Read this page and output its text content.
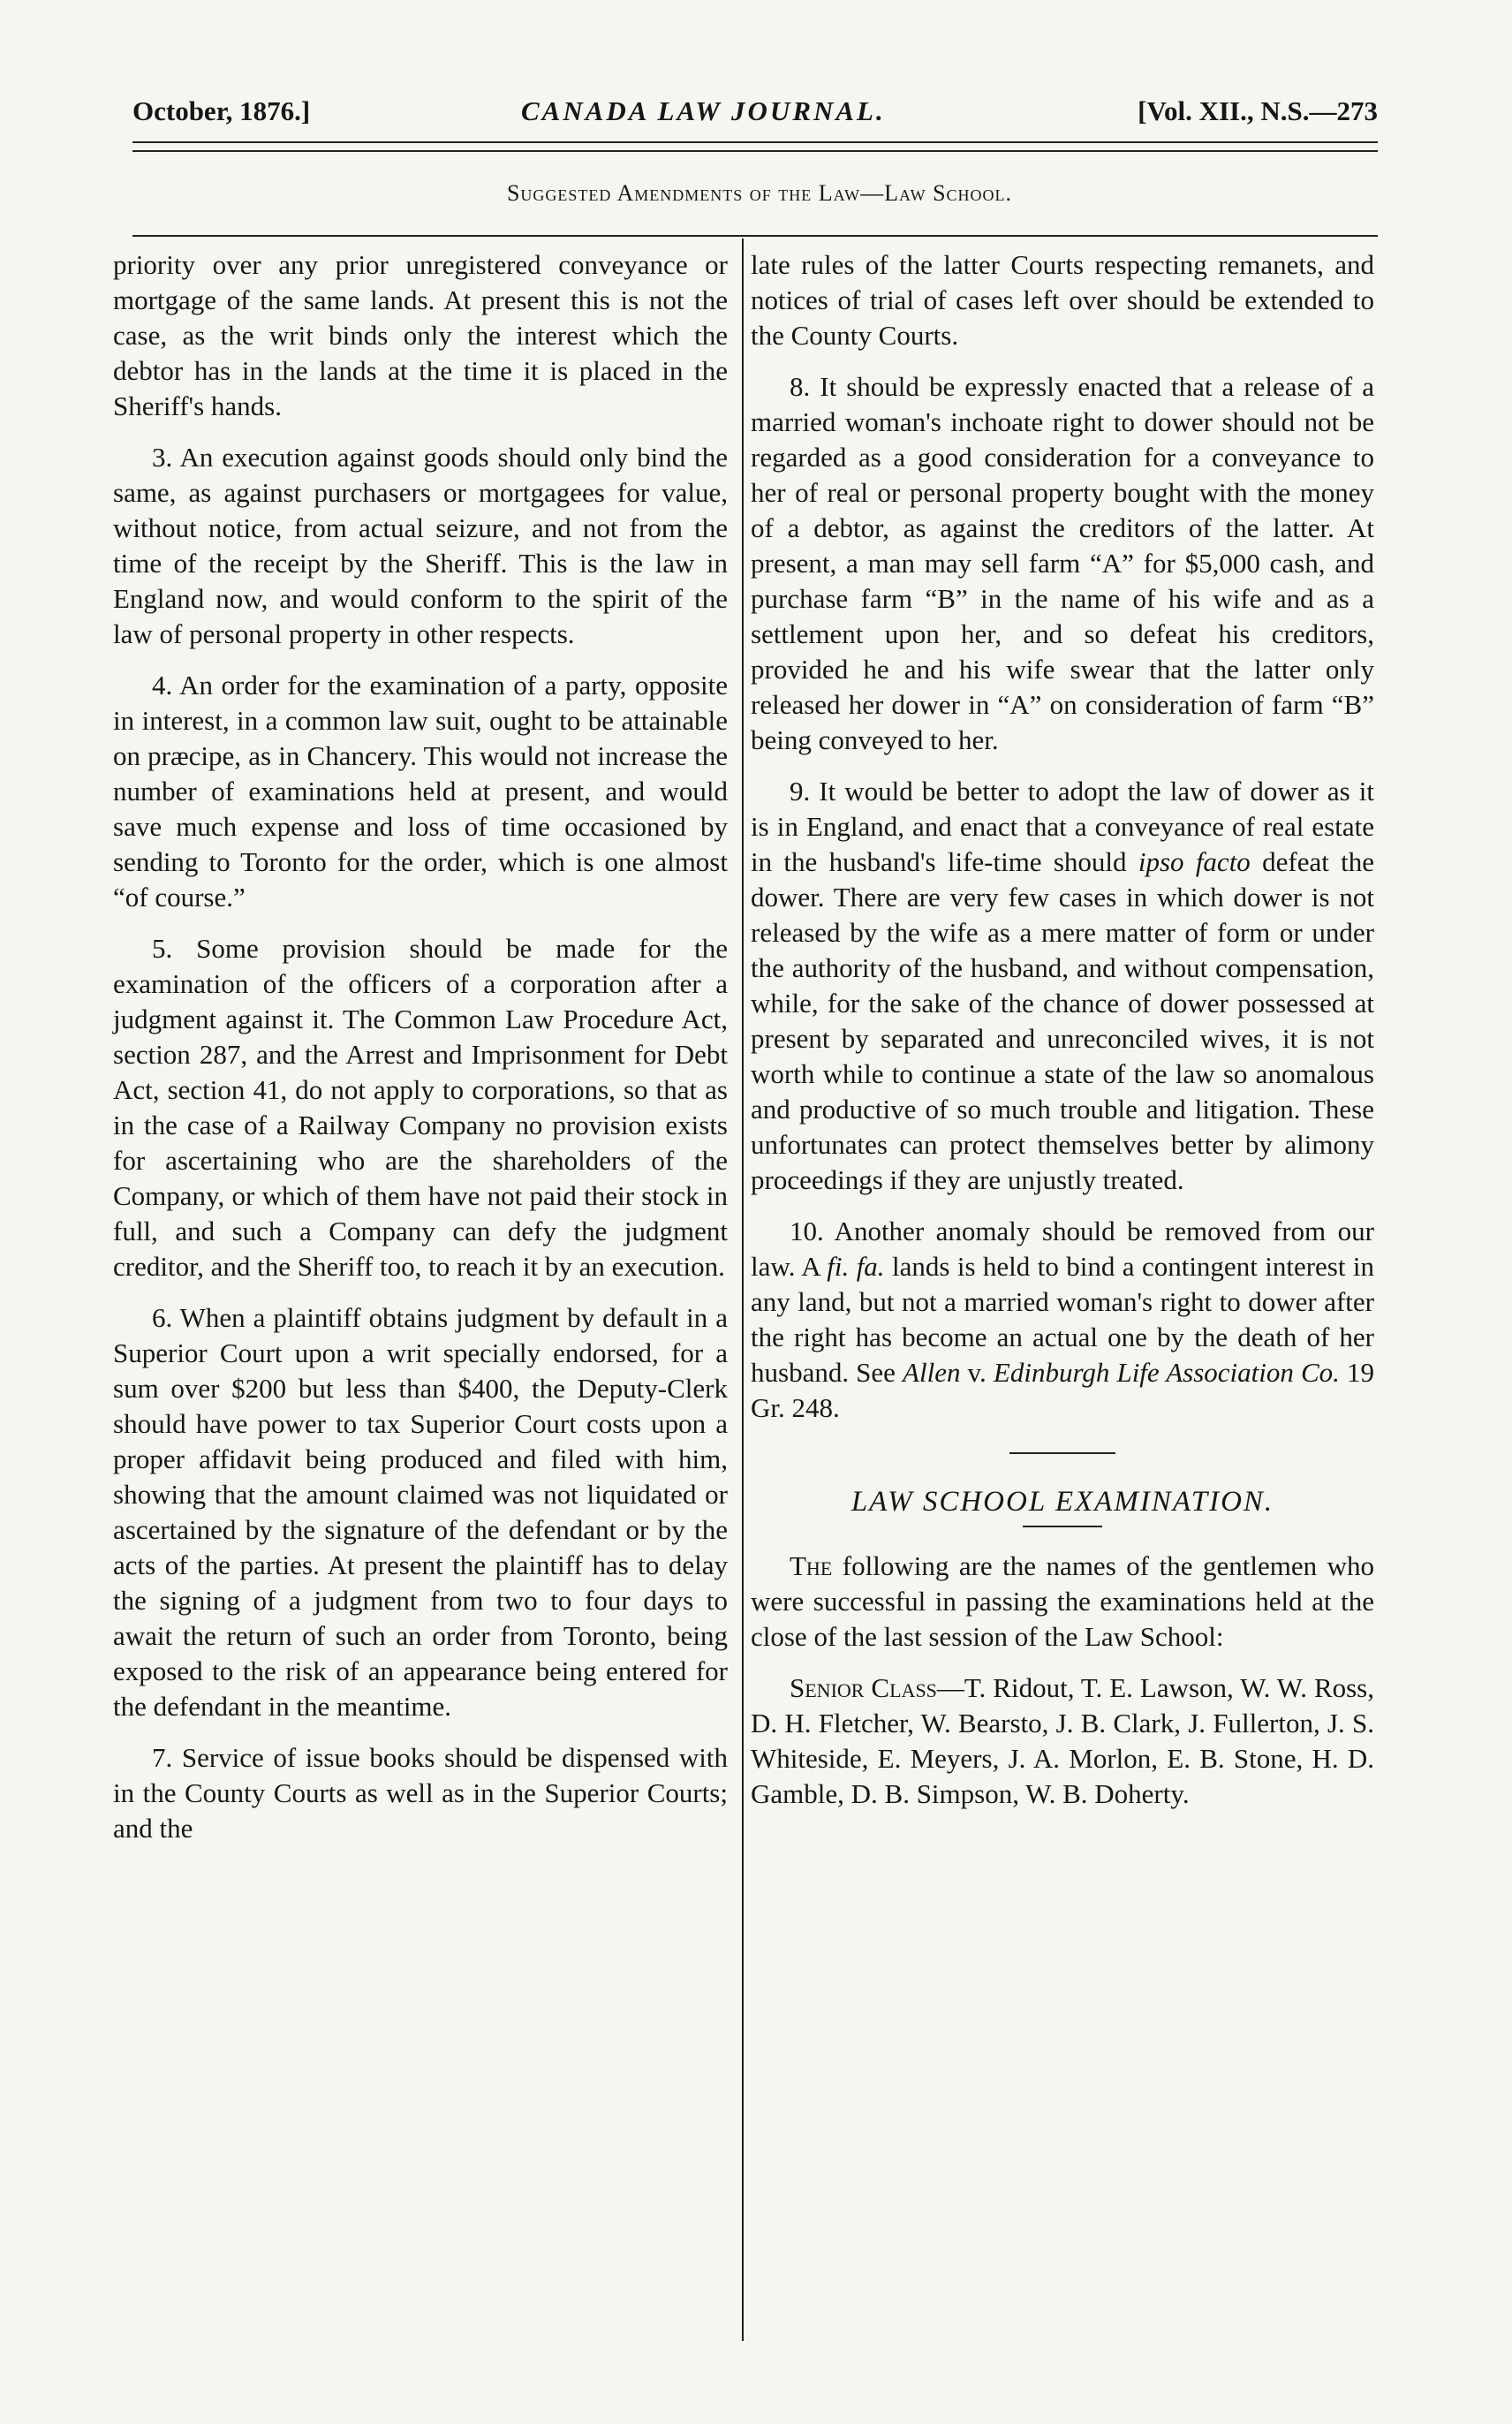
October, 1876.]	CANADA LAW JOURNAL.	[Vol. XII., N.S.—273
Suggested Amendments of the Law—Law School.

priority over any prior unregistered conveyance or mortgage of the same lands. At present this is not the case, as the writ binds only the interest which the debtor has in the lands at the time it is placed in the Sheriff's hands.

3. An execution against goods should only bind the same, as against purchasers or mortgagees for value, without notice, from actual seizure, and not from the time of the receipt by the Sheriff. This is the law in England now, and would conform to the spirit of the law of personal property in other respects.

4. An order for the examination of a party, opposite in interest, in a common law suit, ought to be attainable on præcipe, as in Chancery. This would not increase the number of examinations held at present, and would save much expense and loss of time occasioned by sending to Toronto for the order, which is one almost “of course.”

5. Some provision should be made for the examination of the officers of a corporation after a judgment against it. The Common Law Procedure Act, section 287, and the Arrest and Imprisonment for Debt Act, section 41, do not apply to corporations, so that as in the case of a Railway Company no provision exists for ascertaining who are the shareholders of the Company, or which of them have not paid their stock in full, and such a Company can defy the judgment creditor, and the Sheriff too, to reach it by an execution.

6. When a plaintiff obtains judgment by default in a Superior Court upon a writ specially endorsed, for a sum over $200 but less than $400, the Deputy-Clerk should have power to tax Superior Court costs upon a proper affidavit being produced and filed with him, showing that the amount claimed was not liquidated or ascertained by the signature of the defendant or by the acts of the parties. At present the plaintiff has to delay the signing of a judgment from two to four days to await the return of such an order from Toronto, being exposed to the risk of an appearance being entered for the defendant in the meantime.

7. Service of issue books should be dispensed with in the County Courts as well as in the Superior Courts; and the

late rules of the latter Courts respecting remanets, and notices of trial of cases left over should be extended to the County Courts.

8. It should be expressly enacted that a release of a married woman's inchoate right to dower should not be regarded as a good consideration for a conveyance to her of real or personal property bought with the money of a debtor, as against the creditors of the latter. At present, a man may sell farm “A” for $5,000 cash, and purchase farm “B” in the name of his wife and as a settlement upon her, and so defeat his creditors, provided he and his wife swear that the latter only released her dower in “A” on consideration of farm “B” being conveyed to her.

9. It would be better to adopt the law of dower as it is in England, and enact that a conveyance of real estate in the husband's life-time should ipso facto defeat the dower. There are very few cases in which dower is not released by the wife as a mere matter of form or under the authority of the husband, and without compensation, while, for the sake of the chance of dower possessed at present by separated and unreconciled wives, it is not worth while to continue a state of the law so anomalous and productive of so much trouble and litigation. These unfortunates can protect themselves better by alimony proceedings if they are unjustly treated.

10. Another anomaly should be removed from our law. A fi. fa. lands is held to bind a contingent interest in any land, but not a married woman's right to dower after the right has become an actual one by the death of her husband. See Allen v. Edinburgh Life Association Co. 19 Gr. 248.

LAW SCHOOL EXAMINATION.

The following are the names of the gentlemen who were successful in passing the examinations held at the close of the last session of the Law School:

Senior Class—T. Ridout, T. E. Lawson, W. W. Ross, D. H. Fletcher, W. Bearsto, J. B. Clark, J. Fullerton, J. S. Whiteside, E. Meyers, J. A. Morlon, E. B. Stone, H. D. Gamble, D. B. Simpson, W. B. Doherty.
